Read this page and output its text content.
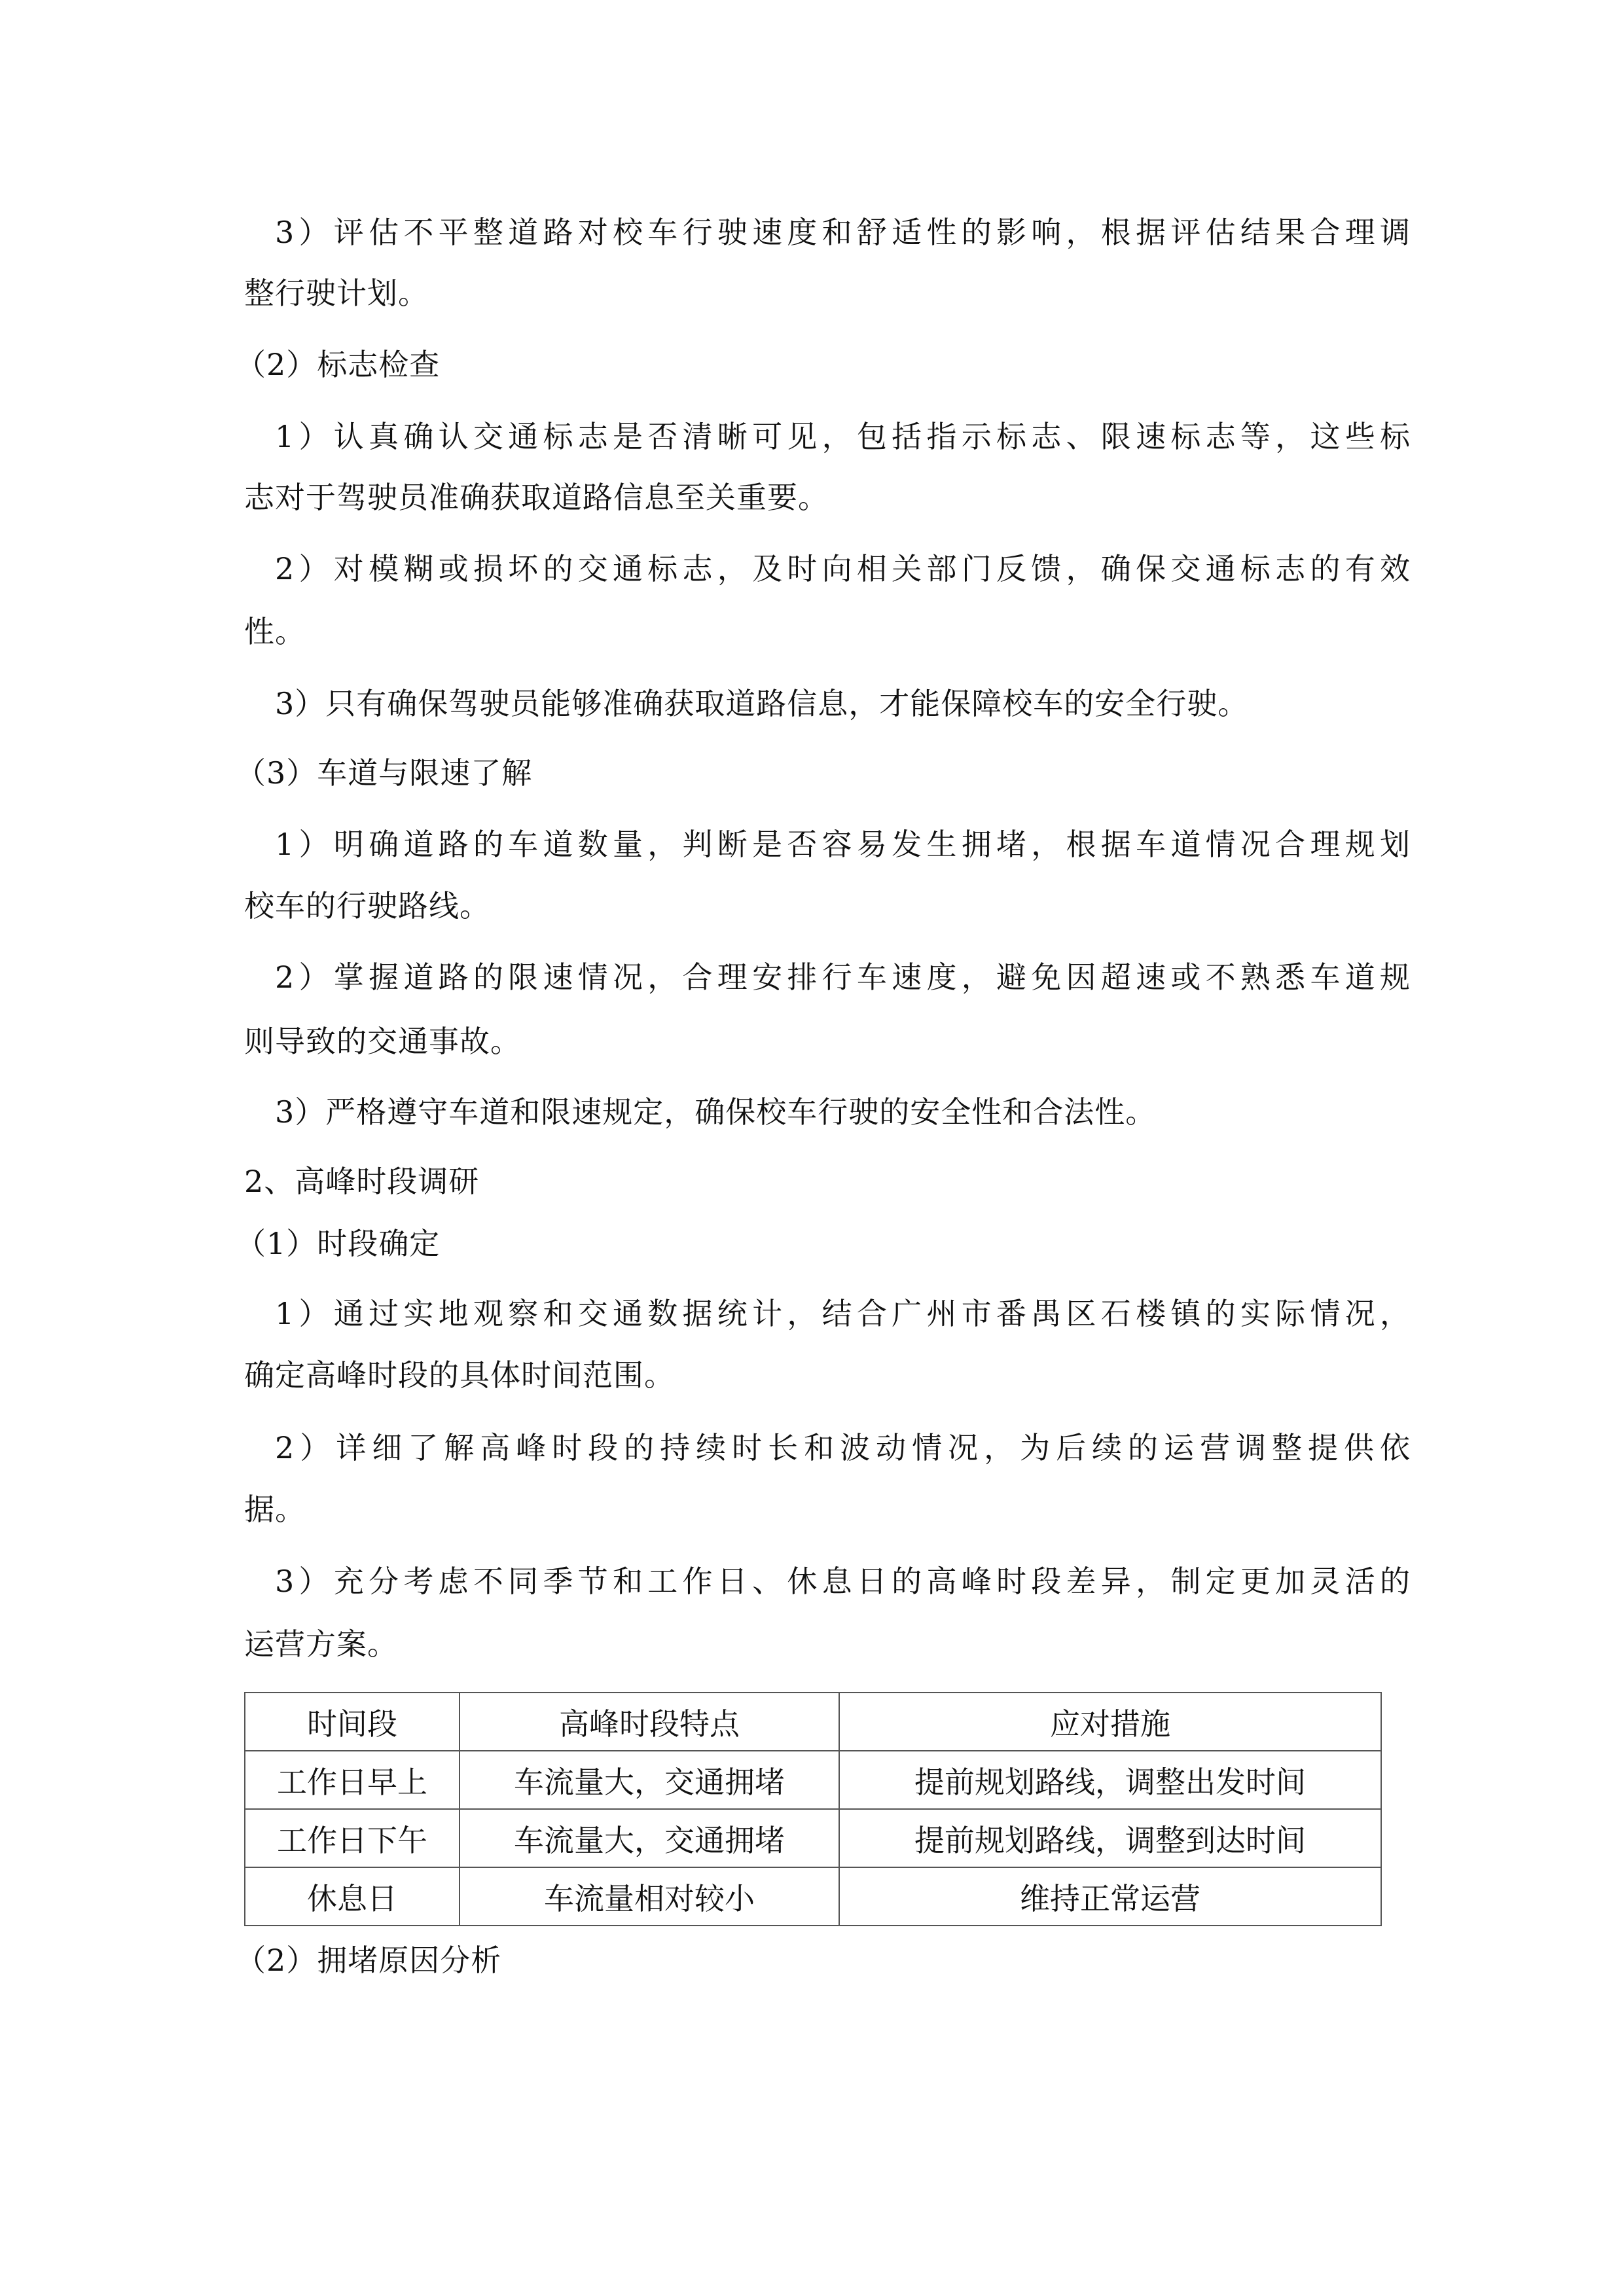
3）评估不平整道路对校车行驶速度和舒适性的影响，根据评估结果合理调
整行驶计划。
（2）标志检查
1）认真确认交通标志是否清晰可见，包括指示标志、限速标志等，这些标
志对于驾驶员准确获取道路信息至关重要。
2）对模糊或损坏的交通标志，及时向相关部门反馈，确保交通标志的有效
性。
3）只有确保驾驶员能够准确获取道路信息，才能保障校车的安全行驶。
（3）车道与限速了解
1）明确道路的车道数量，判断是否容易发生拥堵，根据车道情况合理规划
校车的行驶路线。
2）掌握道路的限速情况，合理安排行车速度，避免因超速或不熟悉车道规
则导致的交通事故。
3）严格遵守车道和限速规定，确保校车行驶的安全性和合法性。
2、高峰时段调研
（1）时段确定
1）通过实地观察和交通数据统计，结合广州市番禺区石楼镇的实际情况，
确定高峰时段的具体时间范围。
2）详细了解高峰时段的持续时长和波动情况，为后续的运营调整提供依
据。
3）充分考虑不同季节和工作日、休息日的高峰时段差异，制定更加灵活的
运营方案。
时间段	高峰时段特点	应对措施
工作日早上	车流量大，交通拥堵	提前规划路线，调整出发时间
工作日下午	车流量大，交通拥堵	提前规划路线，调整到达时间
休息日	车流量相对较小	维持正常运营
（2）拥堵原因分析
